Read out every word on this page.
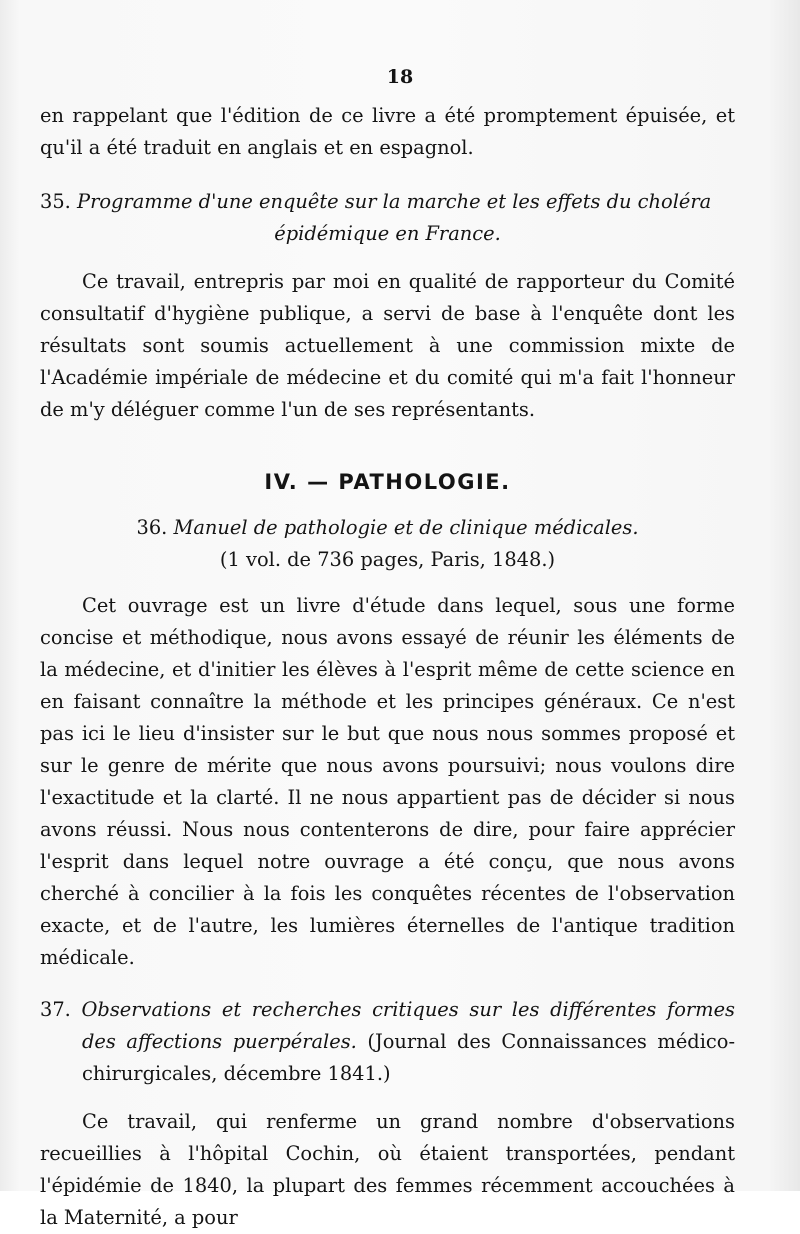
18

en rappelant que l'édition de ce livre a été promptement épuisée, et qu'il a été traduit en anglais et en espagnol.

35. Programme d'une enquête sur la marche et les effets du choléra

épidémique en France.

Ce travail, entrepris par moi en qualité de rapporteur du Comité consultatif d'hygiène publique, a servi de base à l'enquête dont les résultats sont soumis actuellement à une commission mixte de l'Académie impériale de médecine et du comité qui m'a fait l'honneur de m'y déléguer comme l'un de ses représentants.

IV. — PATHOLOGIE.

36. Manuel de pathologie et de clinique médicales.

(1 vol. de 736 pages, Paris, 1848.)

Cet ouvrage est un livre d'étude dans lequel, sous une forme concise et méthodique, nous avons essayé de réunir les éléments de la médecine, et d'initier les élèves à l'esprit même de cette science en en faisant connaître la méthode et les principes généraux. Ce n'est pas ici le lieu d'insister sur le but que nous nous sommes proposé et sur le genre de mérite que nous avons poursuivi; nous voulons dire l'exactitude et la clarté. Il ne nous appartient pas de décider si nous avons réussi. Nous nous contenterons de dire, pour faire apprécier l'esprit dans lequel notre ouvrage a été conçu, que nous avons cherché à concilier à la fois les conquêtes récentes de l'observation exacte, et de l'autre, les lumières éternelles de l'antique tradition médicale.

37. Observations et recherches critiques sur les différentes formes des affections puerpérales. (Journal des Connaissances médico-chirurgicales, décembre 1841.)

Ce travail, qui renferme un grand nombre d'observations recueillies à l'hôpital Cochin, où étaient transportées, pendant l'épidémie de 1840, la plupart des femmes récemment accouchées à la Maternité, a pour
